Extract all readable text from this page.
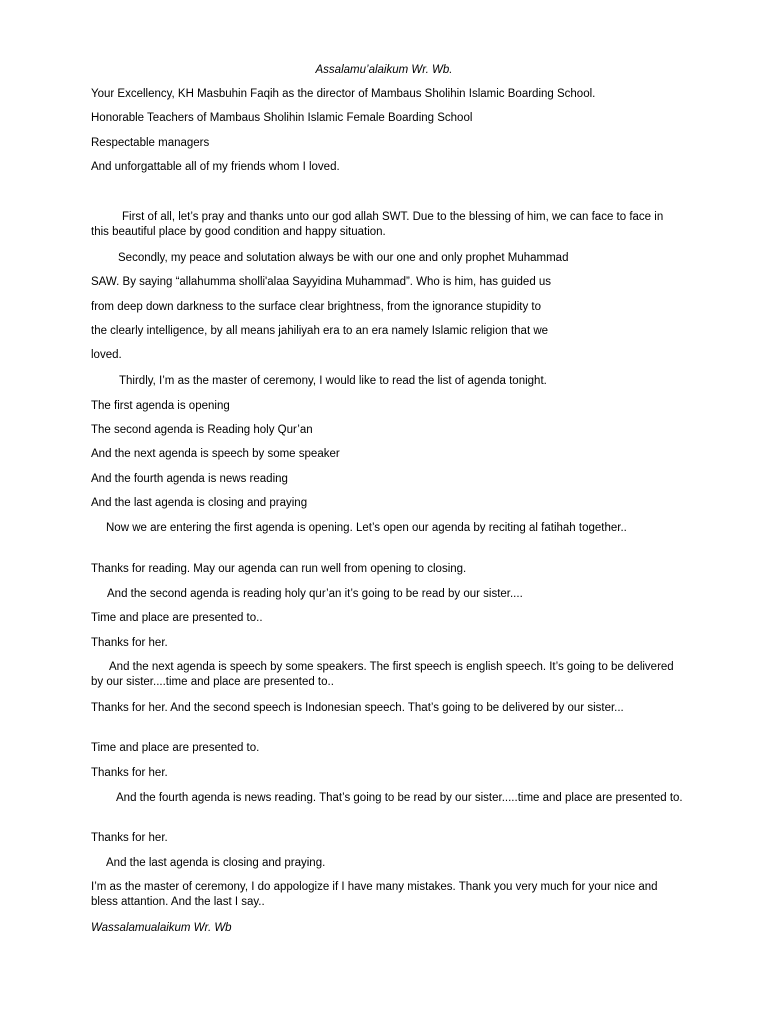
Assalamu’alaikum Wr. Wb.

Your Excellency, KH Masbuhin Faqih as the director of Mambaus Sholihin Islamic Boarding School.

Honorable Teachers of Mambaus Sholihin Islamic Female Boarding School

Respectable managers

And unforgattable all of my friends whom I loved.

First of all, let’s pray and thanks unto our god allah SWT. Due to the blessing of him, we can face to face in this beautiful place by good condition and happy situation.

Secondly, my peace and solutation always be with our one and only prophet Muhammad

SAW. By saying “allahumma sholli'alaa Sayyidina Muhammad”. Who is him, has guided us

from deep down darkness to the surface clear brightness, from the ignorance stupidity to

the clearly intelligence, by all means jahiliyah era to an era namely Islamic religion that we

loved.

Thirdly, I’m as the master of ceremony, I would like to read the list of agenda tonight.

The first agenda is opening

The second agenda is Reading holy Qur’an

And the next agenda is speech by some speaker

And the fourth agenda is news reading

And the last agenda is closing and praying

Now we are entering the first agenda is opening. Let’s open our agenda by reciting al fatihah together..

Thanks for reading. May our agenda can run well from opening to closing.

And the second agenda is reading holy qur’an it’s going to be read by our sister....

Time and place are presented to..

Thanks for her.

And the next agenda is speech by some speakers. The first speech is english speech. It’s going to be delivered by our sister....time and place are presented to..

Thanks for her. And the second speech is Indonesian speech. That’s going to be delivered by our sister...

Time and place are presented to.

Thanks for her.

And the fourth agenda is news reading. That’s going to be read by our sister.....time and place are presented to.

Thanks for her.

And the last agenda is closing and praying.

I’m as the master of ceremony, I do appologize if I have many mistakes. Thank you very much for your nice and bless attantion. And the last I say..

Wassalamualaikum Wr. Wb
